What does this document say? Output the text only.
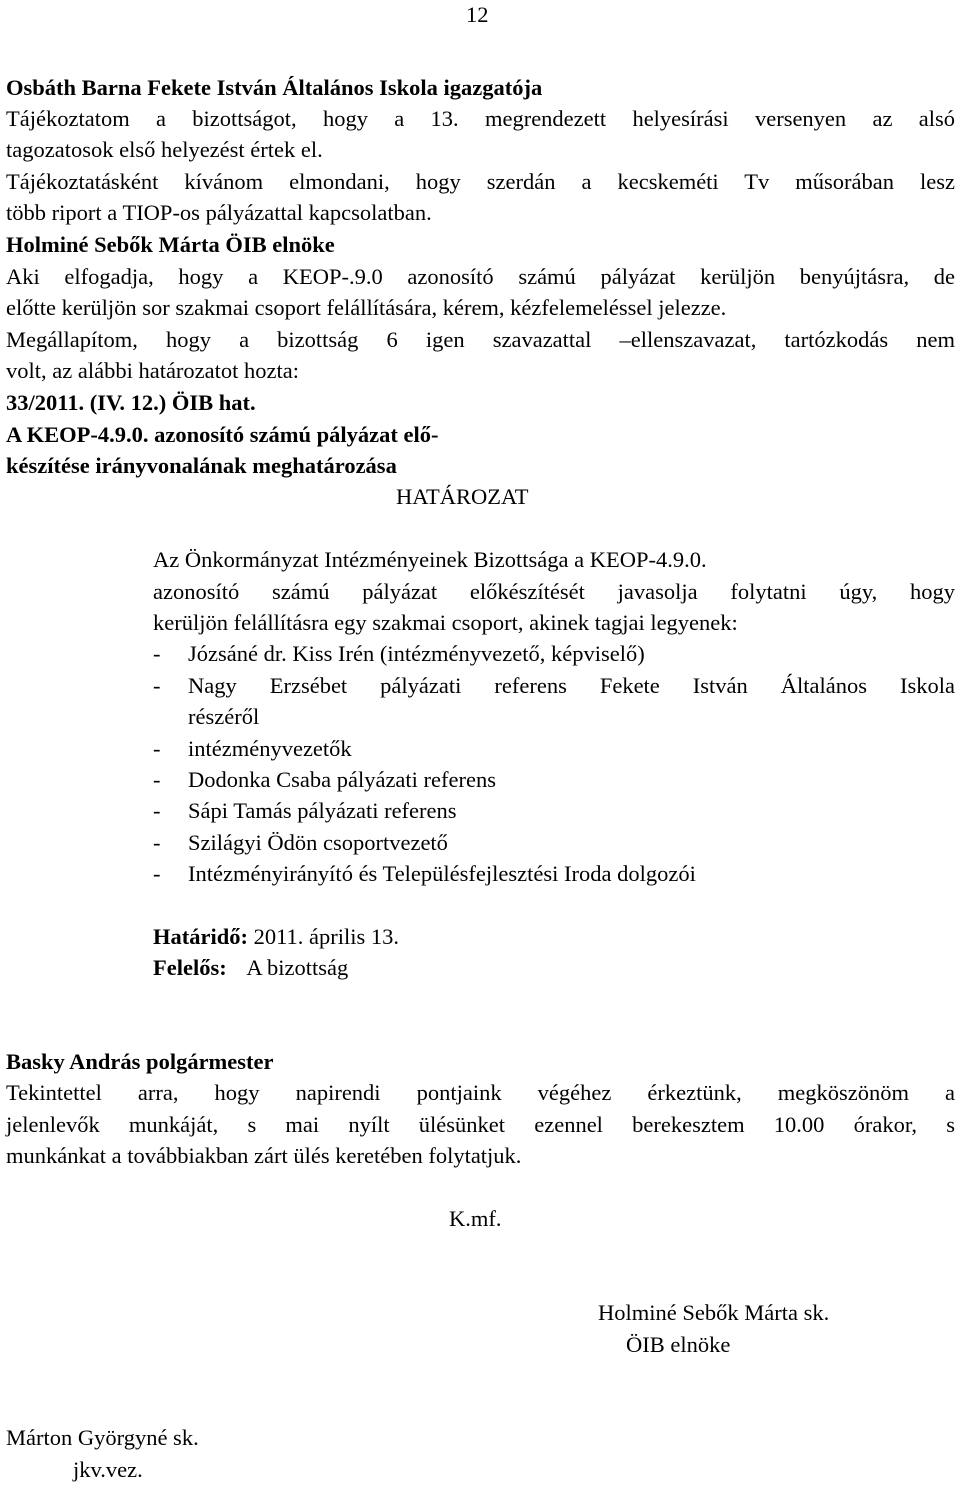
12
Osbáth Barna Fekete István Általános Iskola igazgatója
Tájékoztatom a bizottságot, hogy a 13. megrendezett helyesírási versenyen az alsó
tagozatosok első helyezést értek el.
Tájékoztatásként kívánom elmondani, hogy szerdán a kecskeméti Tv műsorában lesz
több riport a TIOP-os pályázattal kapcsolatban.
Holminé Sebők Márta ÖIB elnöke
Aki elfogadja, hogy a KEOP-.9.0 azonosító számú pályázat kerüljön benyújtásra, de
előtte kerüljön sor szakmai csoport felállítására, kérem, kézfelemeléssel jelezze.
Megállapítom, hogy a bizottság 6 igen szavazattal –ellenszavazat, tartózkodás nem
volt, az alábbi határozatot hozta:
33/2011. (IV. 12.) ÖIB hat.
A KEOP-4.9.0. azonosító számú pályázat elő-
készítése irányvonalának meghatározása
HATÁROZAT
Az Önkormányzat Intézményeinek Bizottsága a KEOP-4.9.0.
azonosító számú pályázat előkészítését javasolja folytatni úgy, hogy
kerüljön felállításra egy szakmai csoport, akinek tagjai legyenek:
- Józsáné dr. Kiss Irén (intézményvezető, képviselő)
- Nagy Erzsébet pályázati referens Fekete István Általános Iskola
részéről
- intézményvezetők
- Dodonka Csaba pályázati referens
- Sápi Tamás pályázati referens
- Szilágyi Ödön csoportvezető
- Intézményirányító és Településfejlesztési Iroda dolgozói
Határidő: 2011. április 13.
Felelős: A bizottság
Basky András polgármester
Tekintettel arra, hogy napirendi pontjaink végéhez érkeztünk, megköszönöm a
jelenlevők munkáját, s mai nyílt ülésünket ezennel berekesztem 10.00 órakor, s
munkánkat a továbbiakban zárt ülés keretében folytatjuk.
K.mf.
Holminé Sebők Márta sk.
ÖIB elnöke
Márton Györgyné sk.
jkv.vez.
